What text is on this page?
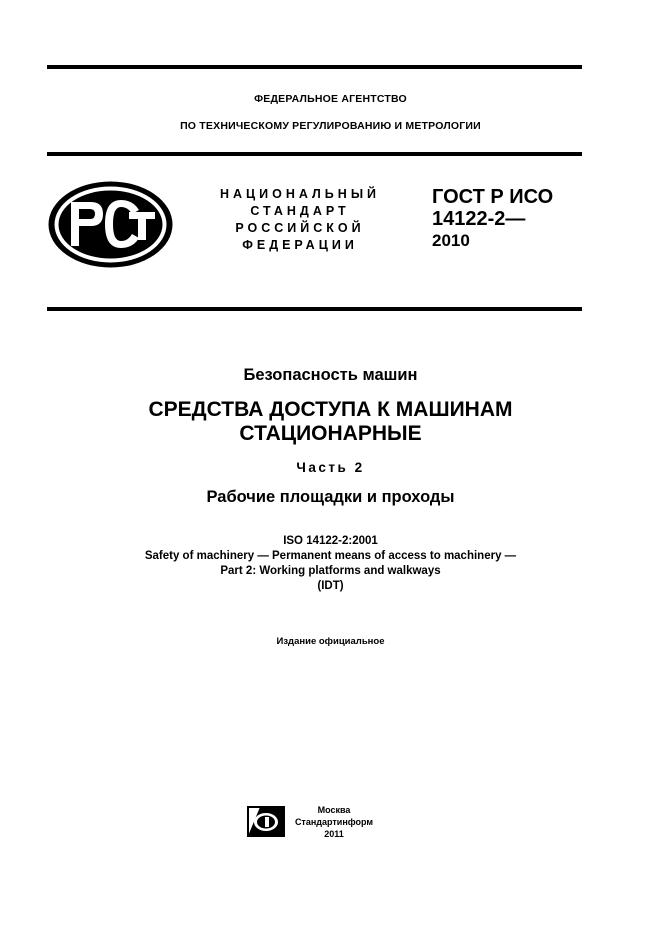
ФЕДЕРАЛЬНОЕ АГЕНТСТВО
ПО ТЕХНИЧЕСКОМУ РЕГУЛИРОВАНИЮ И МЕТРОЛОГИИ
НАЦИОНАЛЬНЫЙ
СТАНДАРТ
РОССИЙСКОЙ
ФЕДЕРАЦИИ
ГОСТ Р ИСО
14122-2—
2010
Безопасность машин
СРЕДСТВА ДОСТУПА К МАШИНАМ
СТАЦИОНАРНЫЕ
Часть 2
Рабочие площадки и проходы
ISO 14122-2:2001
Safety of machinery — Permanent means of access to machinery —
Part 2: Working platforms and walkways
(IDT)
Издание официальное
Москва
Стандартинформ
2011
